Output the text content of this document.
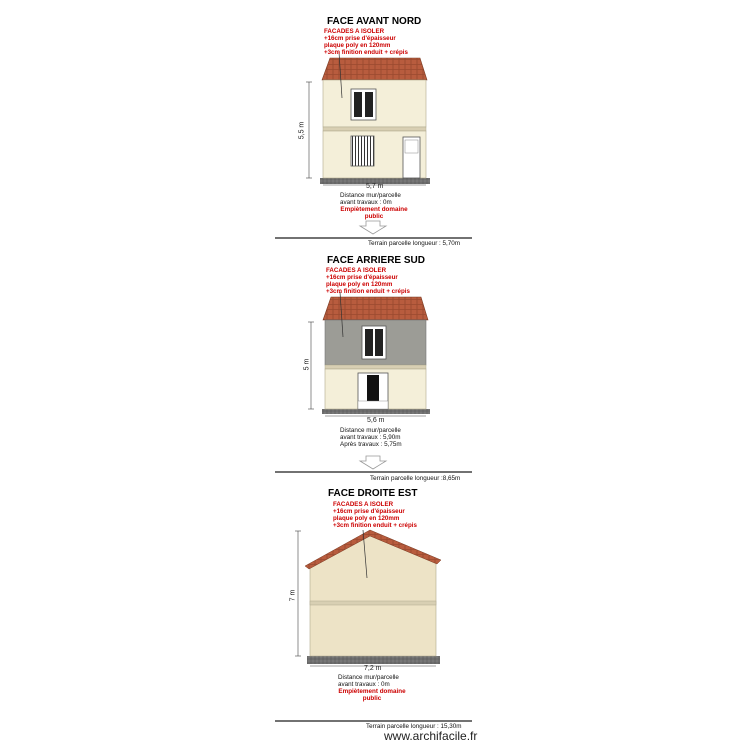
FACE AVANT NORD
FACADES A ISOLER
+16cm prise d'épaisseur
plaque poly en 120mm
+3cm finition enduit + crépis
5,5 m
5,7 m
Distance mur/parcelle
avant travaux : 0m
Empiètement domaine
public
Terrain parcelle longueur : 5,70m
FACE ARRIERE SUD
FACADES A ISOLER
+16cm prise d'épaisseur
plaque poly en 120mm
+3cm finition enduit + crépis
5 m
5,6 m
Distance mur/parcelle
avant travaux : 5,90m
Après travaux : 5,75m
Terrain parcelle longueur :8,65m
FACE DROITE EST
FACADES A ISOLER
+16cm prise d'épaisseur
plaque poly en 120mm
+3cm finition enduit + crépis
7 m
7,2 m
Distance mur/parcelle
avant travaux : 0m
Empiètement domaine
public
Terrain parcelle longueur : 15,30m
www.archifacile.fr
